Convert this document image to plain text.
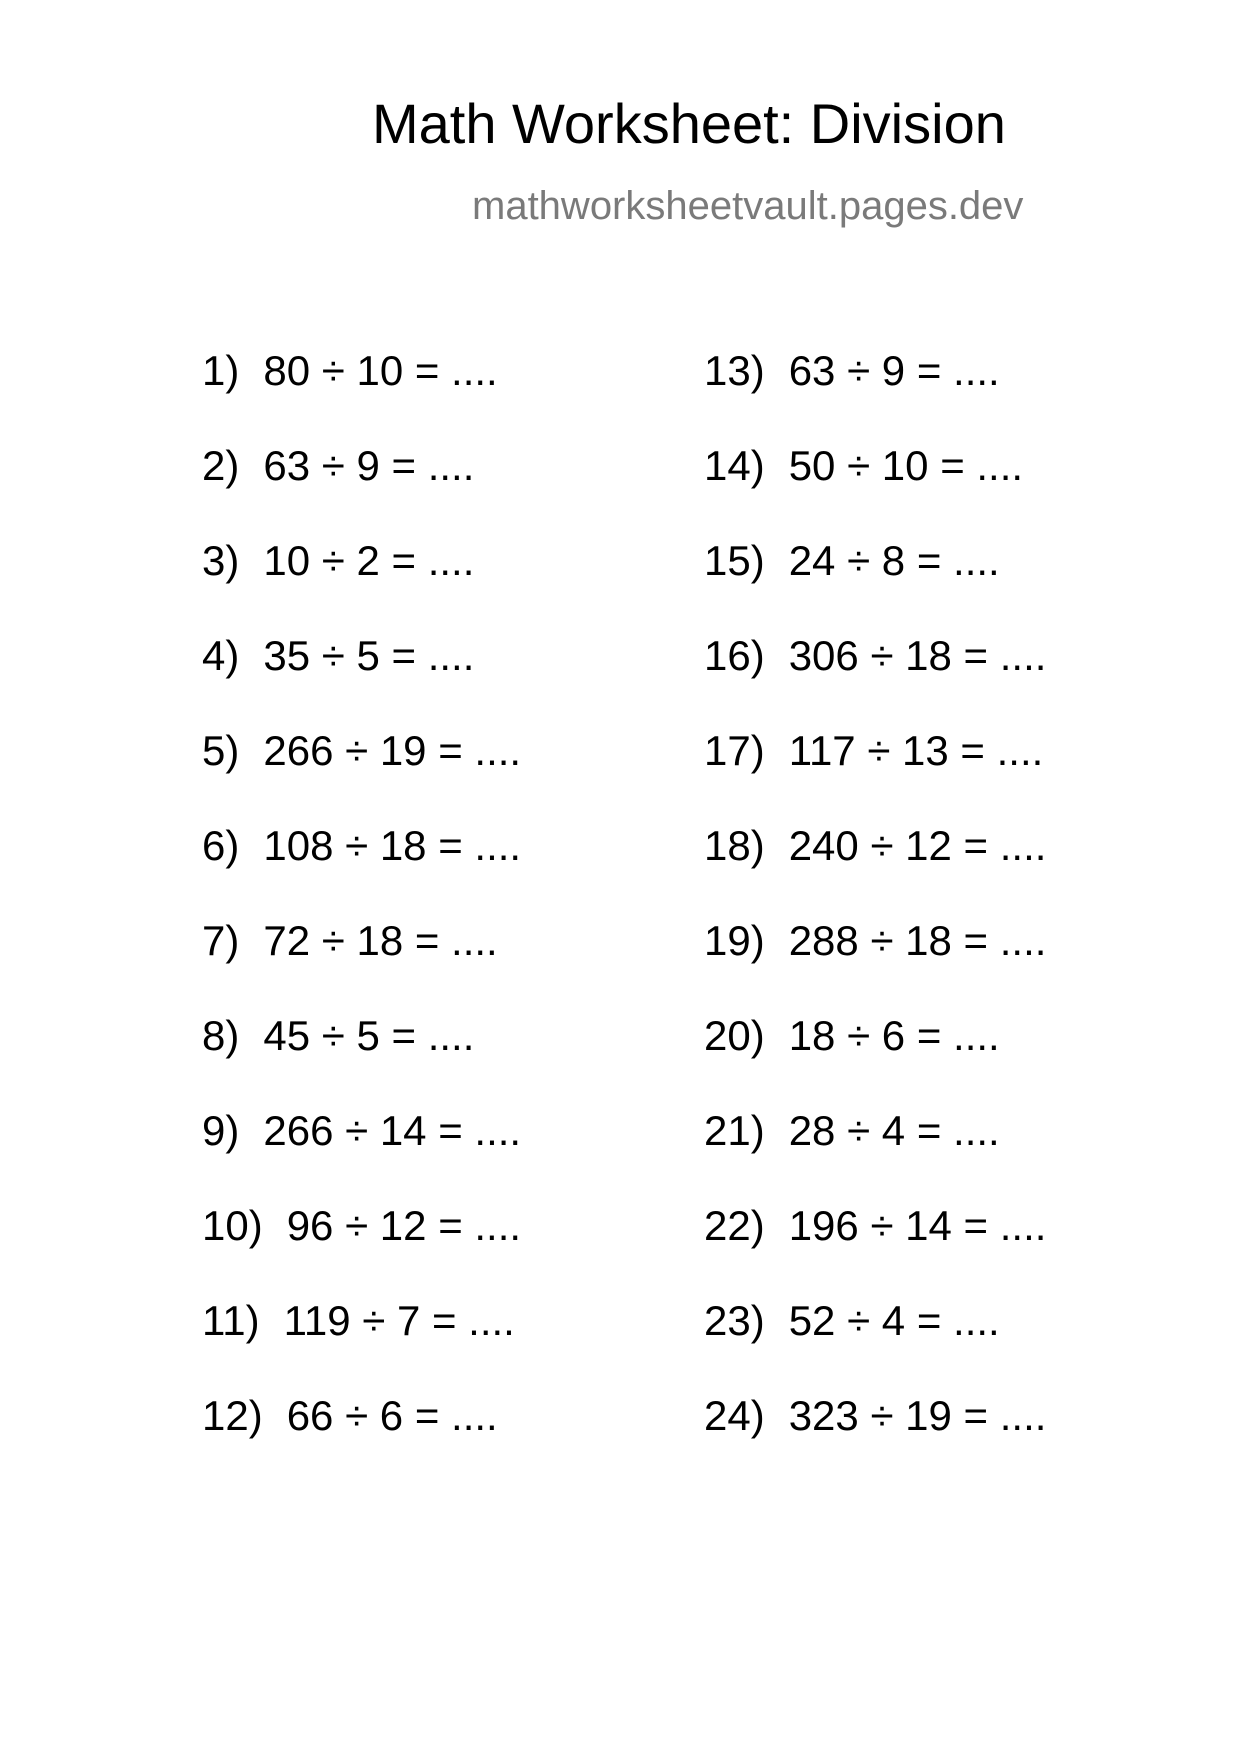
Math Worksheet: Division
mathworksheetvault.pages.dev
1) 80 ÷ 10 = ....
2) 63 ÷ 9 = ....
3) 10 ÷ 2 = ....
4) 35 ÷ 5 = ....
5) 266 ÷ 19 = ....
6) 108 ÷ 18 = ....
7) 72 ÷ 18 = ....
8) 45 ÷ 5 = ....
9) 266 ÷ 14 = ....
10) 96 ÷ 12 = ....
11) 119 ÷ 7 = ....
12) 66 ÷ 6 = ....
13) 63 ÷ 9 = ....
14) 50 ÷ 10 = ....
15) 24 ÷ 8 = ....
16) 306 ÷ 18 = ....
17) 117 ÷ 13 = ....
18) 240 ÷ 12 = ....
19) 288 ÷ 18 = ....
20) 18 ÷ 6 = ....
21) 28 ÷ 4 = ....
22) 196 ÷ 14 = ....
23) 52 ÷ 4 = ....
24) 323 ÷ 19 = ....
